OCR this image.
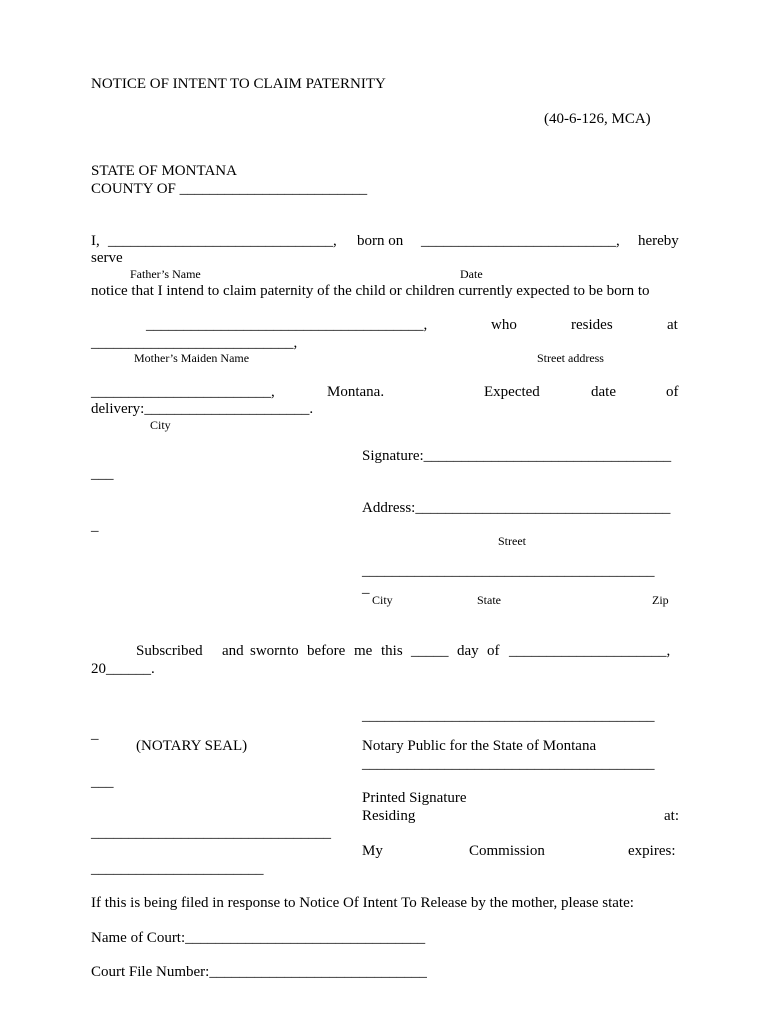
NOTICE OF INTENT TO CLAIM PATERNITY
(40-6-126, MCA)
STATE OF MONTANA
COUNTY OF _________________________
I, ______________________________, born on __________________________, hereby
serve
Father’s Name	Date
notice that I intend to claim paternity of the child or children currently expected to be born to
_____________________________________,	who	resides	at
___________________________,
Mother’s Maiden Name	Street address
________________________,	Montana.	Expected	date	of
delivery:______________________.
City
Signature:_________________________________
___
Address:__________________________________
_
Street
_______________________________________
_
City	State	Zip
Subscribed and sworn to before me this _____ day of _____________________,
20______.
_______________________________________
_
(NOTARY SEAL)	Notary Public for the State of Montana
_______________________________________
___
Printed Signature
Residing	at:
________________________________
My	Commission	expires:
_______________________
If this is being filed in response to Notice Of Intent To Release by the mother, please state:
Name of Court:________________________________
Court File Number:_____________________________
